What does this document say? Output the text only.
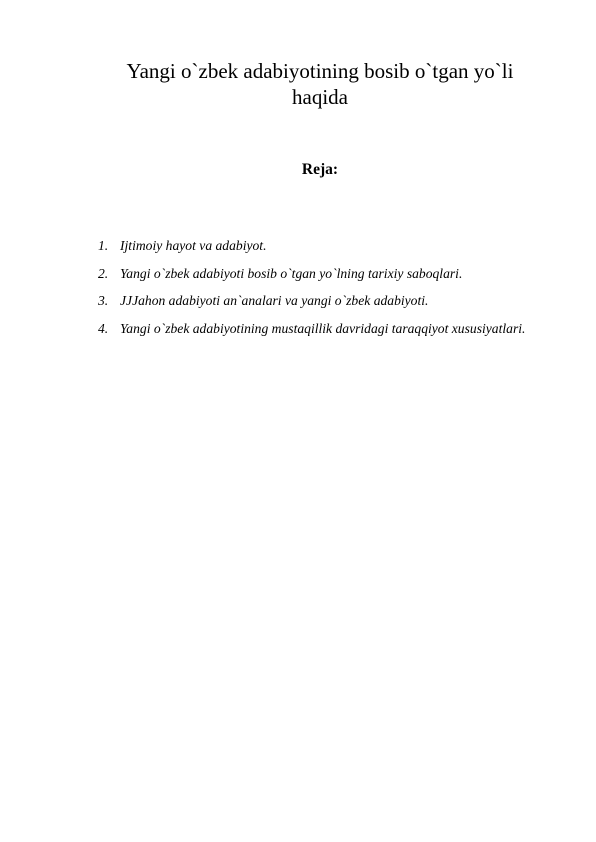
Yangi o`zbek adabiyotining bosib o`tgan yo`li
haqida
Reja:
1. Ijtimoiy hayot va adabiyot.
2. Yangi o`zbek adabiyoti bosib o`tgan yo`lning tarixiy saboqlari.
3. JJJahon adabiyoti an`analari va yangi o`zbek adabiyoti.
4. Yangi o`zbek adabiyotining mustaqillik davridagi taraqqiyot xususiyatlari.
